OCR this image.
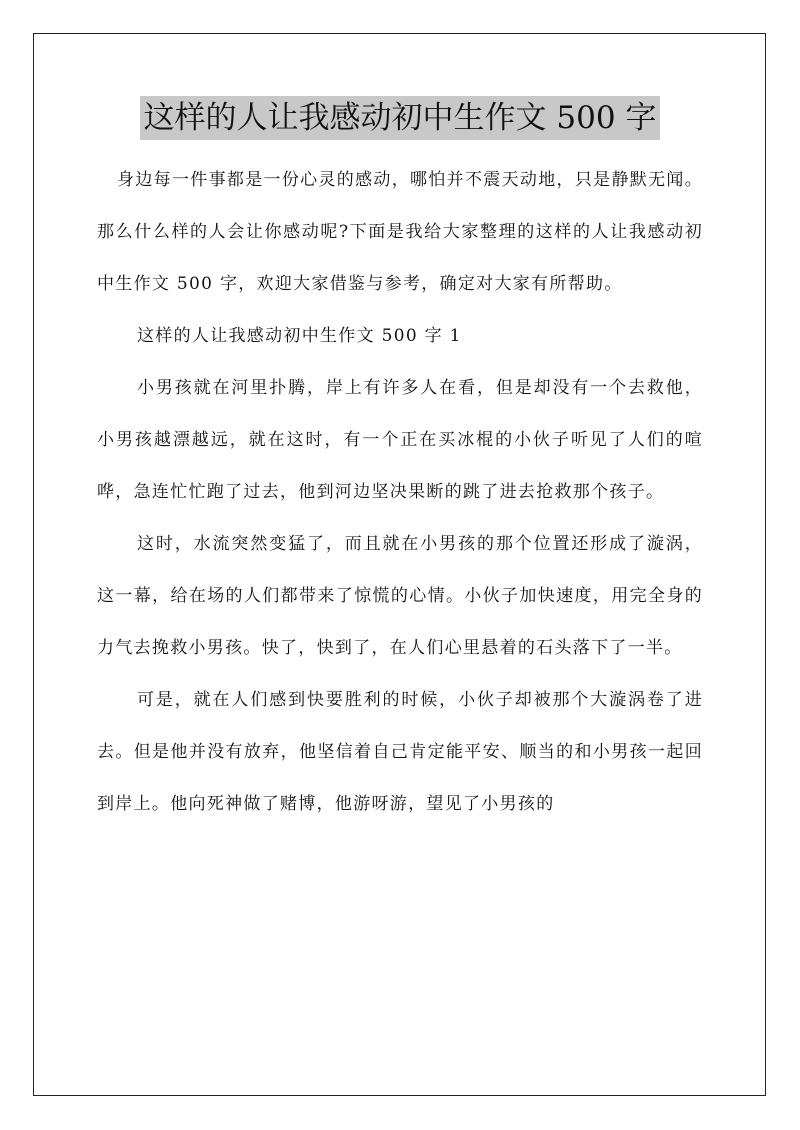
这样的人让我感动初中生作文 500 字

身边每一件事都是一份心灵的感动，哪怕并不震天动地，只是静默无闻。那么什么样的人会让你感动呢?下面是我给大家整理的这样的人让我感动初中生作文 500 字，欢迎大家借鉴与参考，确定对大家有所帮助。

这样的人让我感动初中生作文 500 字 1

小男孩就在河里扑腾，岸上有许多人在看，但是却没有一个去救他，小男孩越漂越远，就在这时，有一个正在买冰棍的小伙子听见了人们的喧哗，急连忙忙跑了过去，他到河边坚决果断的跳了进去抢救那个孩子。

这时，水流突然变猛了，而且就在小男孩的那个位置还形成了漩涡，这一幕，给在场的人们都带来了惊慌的心情。小伙子加快速度，用完全身的力气去挽救小男孩。快了，快到了，在人们心里悬着的石头落下了一半。

可是，就在人们感到快要胜利的时候，小伙子却被那个大漩涡卷了进去。但是他并没有放弃，他坚信着自己肯定能平安、顺当的和小男孩一起回到岸上。他向死神做了赌博，他游呀游，望见了小男孩的
